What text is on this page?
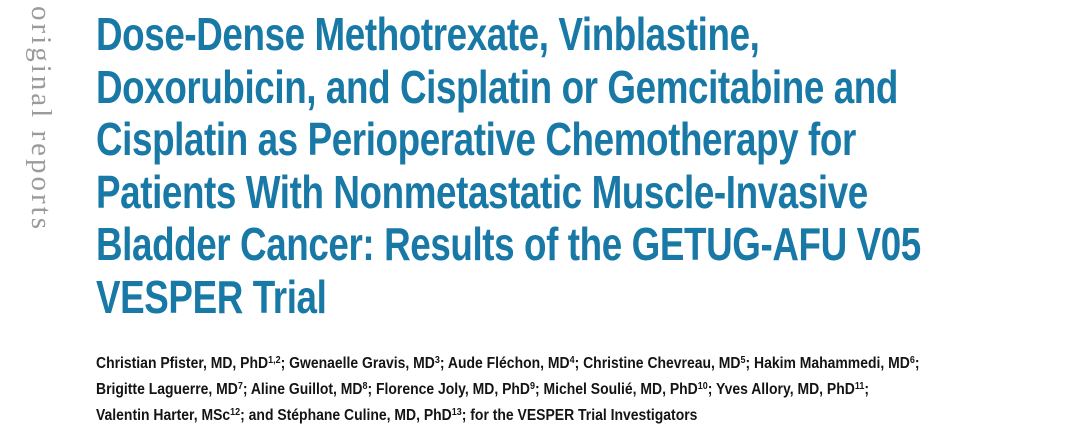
original reports Dose-Dense Methotrexate, Vinblastine,
Doxorubicin, and Cisplatin or Gemcitabine and
Cisplatin as Perioperative Chemotherapy for
Patients With Nonmetastatic Muscle-Invasive
Bladder Cancer: Results of the GETUG-AFU V05
VESPER Trial

Christian Pfister, MD, PhD$^{1,2}$; Gwenaelle Gravis, $MD^3$; Aude Fléchon, $MD^4$; Christine Chevreau, $MD^5$; Hakim Mahammedi, $MD^6$;

Brigitte Laguerre, $MD^7$; Aline Guillot, $MD^8$; Florence Joly, MD, PhD$^9$; Michel Soulié, MD, PhD$^{10}$; Yves Allory, MD, PhD$^{11}$;

Valentin Harter, MSc$^{12}$; and Stéphane Culine, MD, PhD$^{13}$; for the VESPER Trial Investigators
